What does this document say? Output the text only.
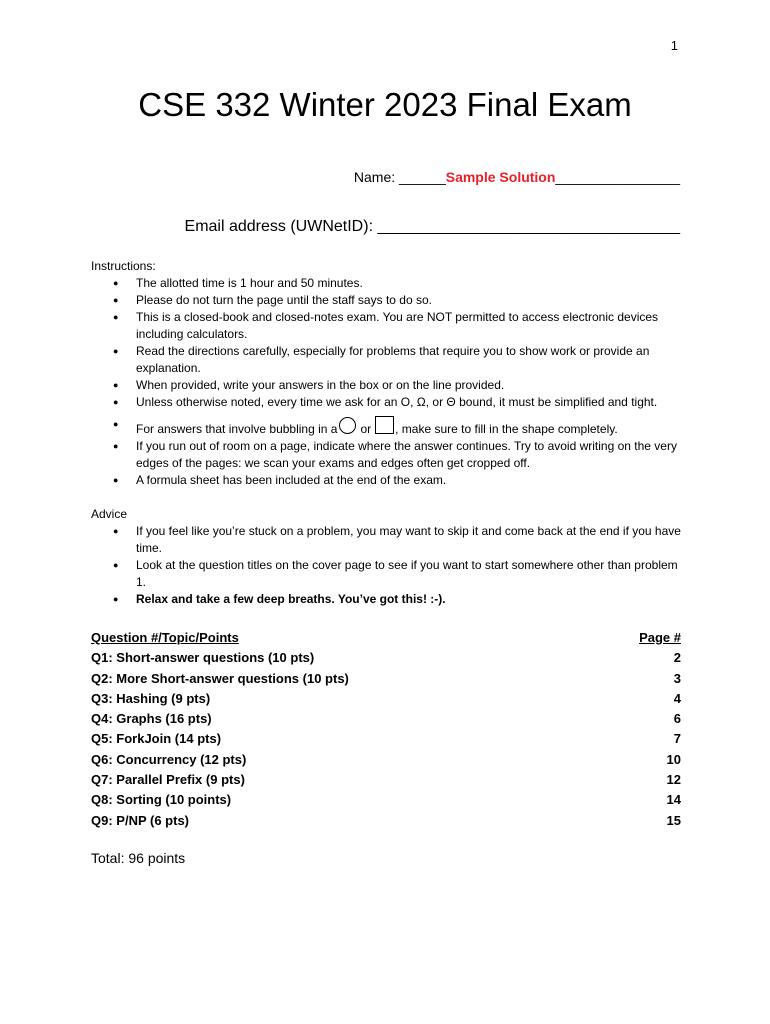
1
CSE 332 Winter 2023 Final Exam
Name: ______Sample Solution________________
Email address (UWNetID): __________________________________

Instructions:

● The allotted time is 1 hour and 50 minutes.
● Please do not turn the page until the staff says to do so.
● This is a closed-book and closed-notes exam. You are NOT permitted to access electronic devices including calculators.
● Read the directions carefully, especially for problems that require you to show work or provide an explanation.
● When provided, write your answers in the box or on the line provided.
● Unless otherwise noted, every time we ask for an O, Ω, or Θ bound, it must be simplified and tight.
● For answers that involve bubbling in a or , make sure to fill in the shape completely.
● If you run out of room on a page, indicate where the answer continues. Try to avoid writing on the very edges of the pages: we scan your exams and edges often get cropped off.
● A formula sheet has been included at the end of the exam.

Advice

● If you feel like you’re stuck on a problem, you may want to skip it and come back at the end if you have time.
● Look at the question titles on the cover page to see if you want to start somewhere other than problem 1.
● Relax and take a few deep breaths. You’ve got this! :-).
Question #/Topic/Points	Page #
Q1: Short-answer questions (10 pts)	2
Q2: More Short-answer questions (10 pts)	3
Q3: Hashing (9 pts)	4
Q4: Graphs (16 pts)	6
Q5: ForkJoin (14 pts)	7
Q6: Concurrency (12 pts)	10
Q7: Parallel Prefix (9 pts)	12
Q8: Sorting (10 points)	14
Q9: P/NP (6 pts)	15
Total: 96 points
